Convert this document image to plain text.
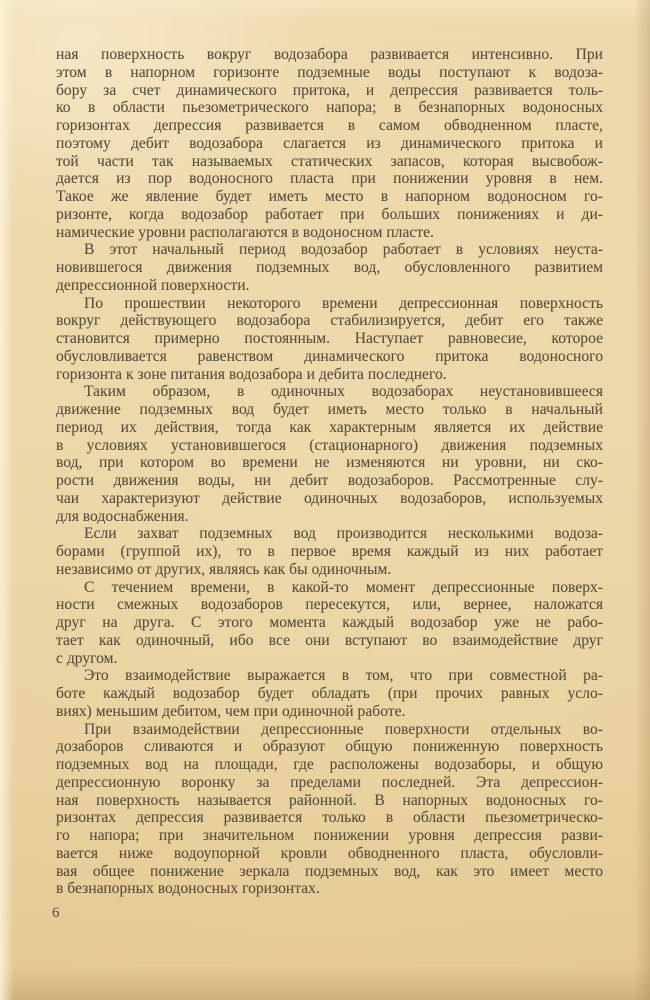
ная поверхность вокруг водозабора развивается интенсивно. При
этом в напорном горизонте подземные воды поступают к водоза-
бору за счет динамического притока, и депрессия развивается толь-
ко в области пьезометрического напора; в безнапорных водоносных
горизонтах депрессия развивается в самом обводненном пласте,
поэтому дебит водозабора слагается из динамического притока и
той части так называемых статических запасов, которая высвобож-
дается из пор водоносного пласта при понижении уровня в нем.
Такое же явление будет иметь место в напорном водоносном го-
ризонте, когда водозабор работает при больших понижениях и ди-
намические уровни располагаются в водоносном пласте.
В этот начальный период водозабор работает в условиях неуста-
новившегося движения подземных вод, обусловленного развитием
депрессионной поверхности.
По прошествии некоторого времени депрессионная поверхность
вокруг действующего водозабора стабилизируется, дебит его также
становится примерно постоянным. Наступает равновесие, которое
обусловливается равенством динамического притока водоносного
горизонта к зоне питания водозабора и дебита последнего.
Таким образом, в одиночных водозаборах неустановившееся
движение подземных вод будет иметь место только в начальный
период их действия, тогда как характерным является их действие
в условиях установившегося (стационарного) движения подземных
вод, при котором во времени не изменяются ни уровни, ни ско-
рости движения воды, ни дебит водозаборов. Рассмотренные слу-
чаи характеризуют действие одиночных водозаборов, используемых
для водоснабжения.
Если захват подземных вод производится несколькими водоза-
борами (группой их), то в первое время каждый из них работает
независимо от других, являясь как бы одиночным.
С течением времени, в какой-то момент депрессионные поверх-
ности смежных водозаборов пересекутся, или, вернее, наложатся
друг на друга. С этого момента каждый водозабор уже не рабо-
тает как одиночный, ибо все они вступают во взаимодействие друг
с другом.
Это взаимодействие выражается в том, что при совместной ра-
боте каждый водозабор будет обладать (при прочих равных усло-
виях) меньшим дебитом, чем при одиночной работе.
При взаимодействии депрессионные поверхности отдельных во-
дозаборов сливаются и образуют общую пониженную поверхность
подземных вод на площади, где расположены водозаборы, и общую
депрессионную воронку за пределами последней. Эта депрессион-
ная поверхность называется районной. В напорных водоносных го-
ризонтах депрессия развивается только в области пьезометрическо-
го напора; при значительном понижении уровня депрессия разви-
вается ниже водоупорной кровли обводненного пласта, обусловли-
вая общее понижение зеркала подземных вод, как это имеет место
в безнапорных водоносных горизонтах.
6
